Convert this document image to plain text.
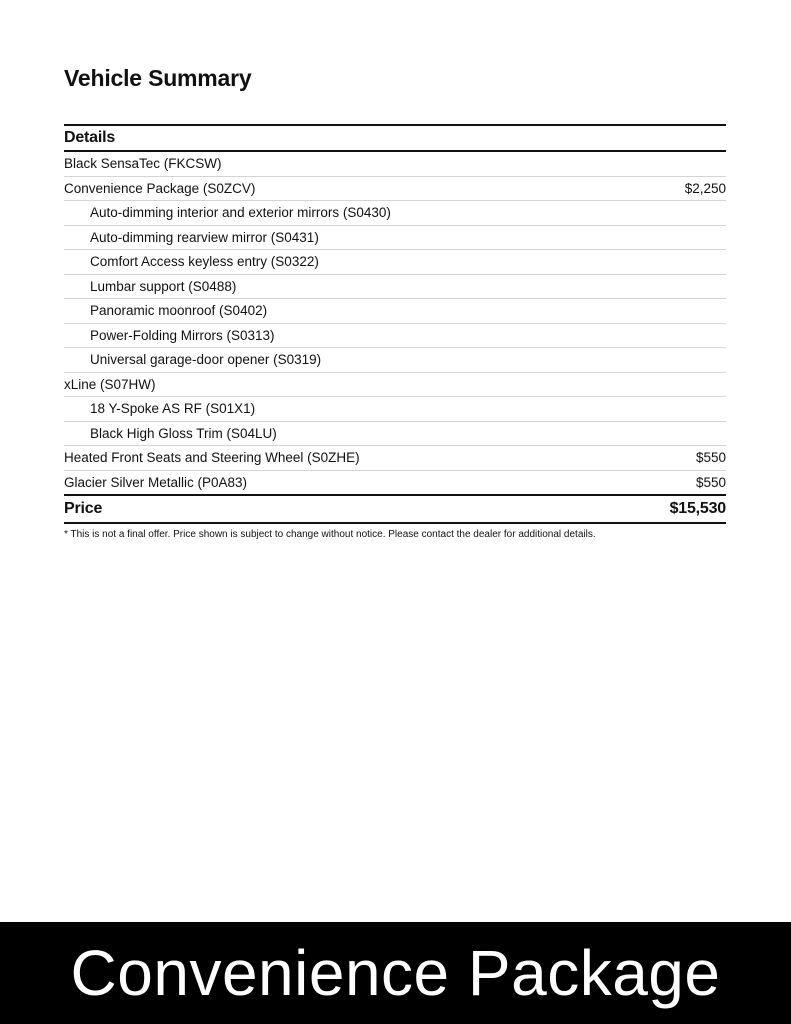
Vehicle Summary
Details
Black SensaTec (FKCSW)
Convenience Package (S0ZCV)	$2,250
Auto-dimming interior and exterior mirrors (S0430)
Auto-dimming rearview mirror (S0431)
Comfort Access keyless entry (S0322)
Lumbar support (S0488)
Panoramic moonroof (S0402)
Power-Folding Mirrors (S0313)
Universal garage-door opener (S0319)
xLine (S07HW)
18 Y-Spoke AS RF (S01X1)
Black High Gloss Trim (S04LU)
Heated Front Seats and Steering Wheel (S0ZHE)	$550
Glacier Silver Metallic (P0A83)	$550
Price	$15,530
* This is not a final offer. Price shown is subject to change without notice. Please contact the dealer for additional details.
Convenience Package
